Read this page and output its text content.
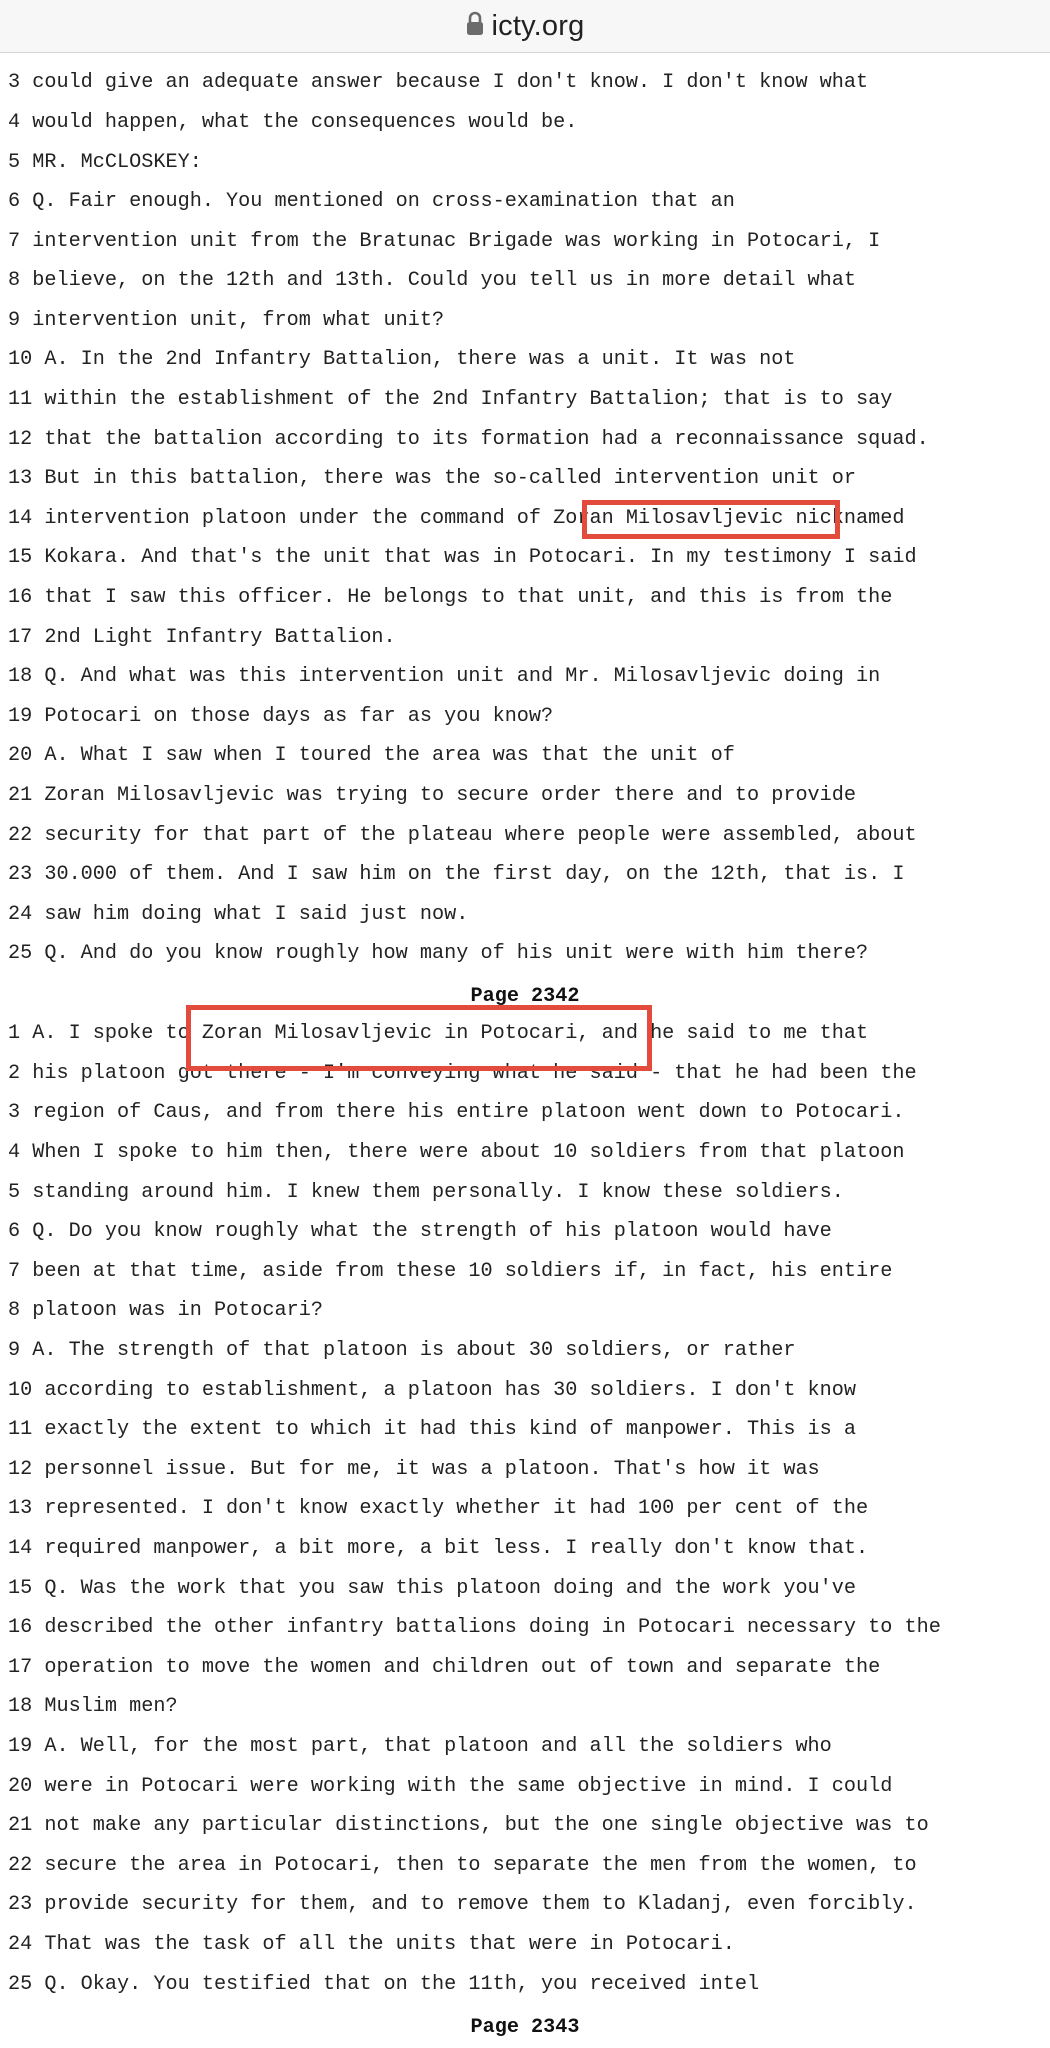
icty.org
3 could give an adequate answer because I don't know. I don't know what
4 would happen, what the consequences would be.
5 MR. McCLOSKEY:
6 Q. Fair enough. You mentioned on cross-examination that an
7 intervention unit from the Bratunac Brigade was working in Potocari, I
8 believe, on the 12th and 13th. Could you tell us in more detail what
9 intervention unit, from what unit?
10 A. In the 2nd Infantry Battalion, there was a unit. It was not
11 within the establishment of the 2nd Infantry Battalion; that is to say
12 that the battalion according to its formation had a reconnaissance squad.
13 But in this battalion, there was the so-called intervention unit or
14 intervention platoon under the command of Zoran Milosavljevic nicknamed
15 Kokara. And that's the unit that was in Potocari. In my testimony I said
16 that I saw this officer. He belongs to that unit, and this is from the
17 2nd Light Infantry Battalion.
18 Q. And what was this intervention unit and Mr. Milosavljevic doing in
19 Potocari on those days as far as you know?
20 A. What I saw when I toured the area was that the unit of
21 Zoran Milosavljevic was trying to secure order there and to provide
22 security for that part of the plateau where people were assembled, about
23 30.000 of them. And I saw him on the first day, on the 12th, that is. I
24 saw him doing what I said just now.
25 Q. And do you know roughly how many of his unit were with him there?
Page 2342
1 A. I spoke to Zoran Milosavljevic in Potocari, and he said to me that
2 his platoon got there - I'm conveying what he said - that he had been the
3 region of Caus, and from there his entire platoon went down to Potocari.
4 When I spoke to him then, there were about 10 soldiers from that platoon
5 standing around him. I knew them personally. I know these soldiers.
6 Q. Do you know roughly what the strength of his platoon would have
7 been at that time, aside from these 10 soldiers if, in fact, his entire
8 platoon was in Potocari?
9 A. The strength of that platoon is about 30 soldiers, or rather
10 according to establishment, a platoon has 30 soldiers. I don't know
11 exactly the extent to which it had this kind of manpower. This is a
12 personnel issue. But for me, it was a platoon. That's how it was
13 represented. I don't know exactly whether it had 100 per cent of the
14 required manpower, a bit more, a bit less. I really don't know that.
15 Q. Was the work that you saw this platoon doing and the work you've
16 described the other infantry battalions doing in Potocari necessary to the
17 operation to move the women and children out of town and separate the
18 Muslim men?
19 A. Well, for the most part, that platoon and all the soldiers who
20 were in Potocari were working with the same objective in mind. I could
21 not make any particular distinctions, but the one single objective was to
22 secure the area in Potocari, then to separate the men from the women, to
23 provide security for them, and to remove them to Kladanj, even forcibly.
24 That was the task of all the units that were in Potocari.
25 Q. Okay. You testified that on the 11th, you received intel
Page 2343
